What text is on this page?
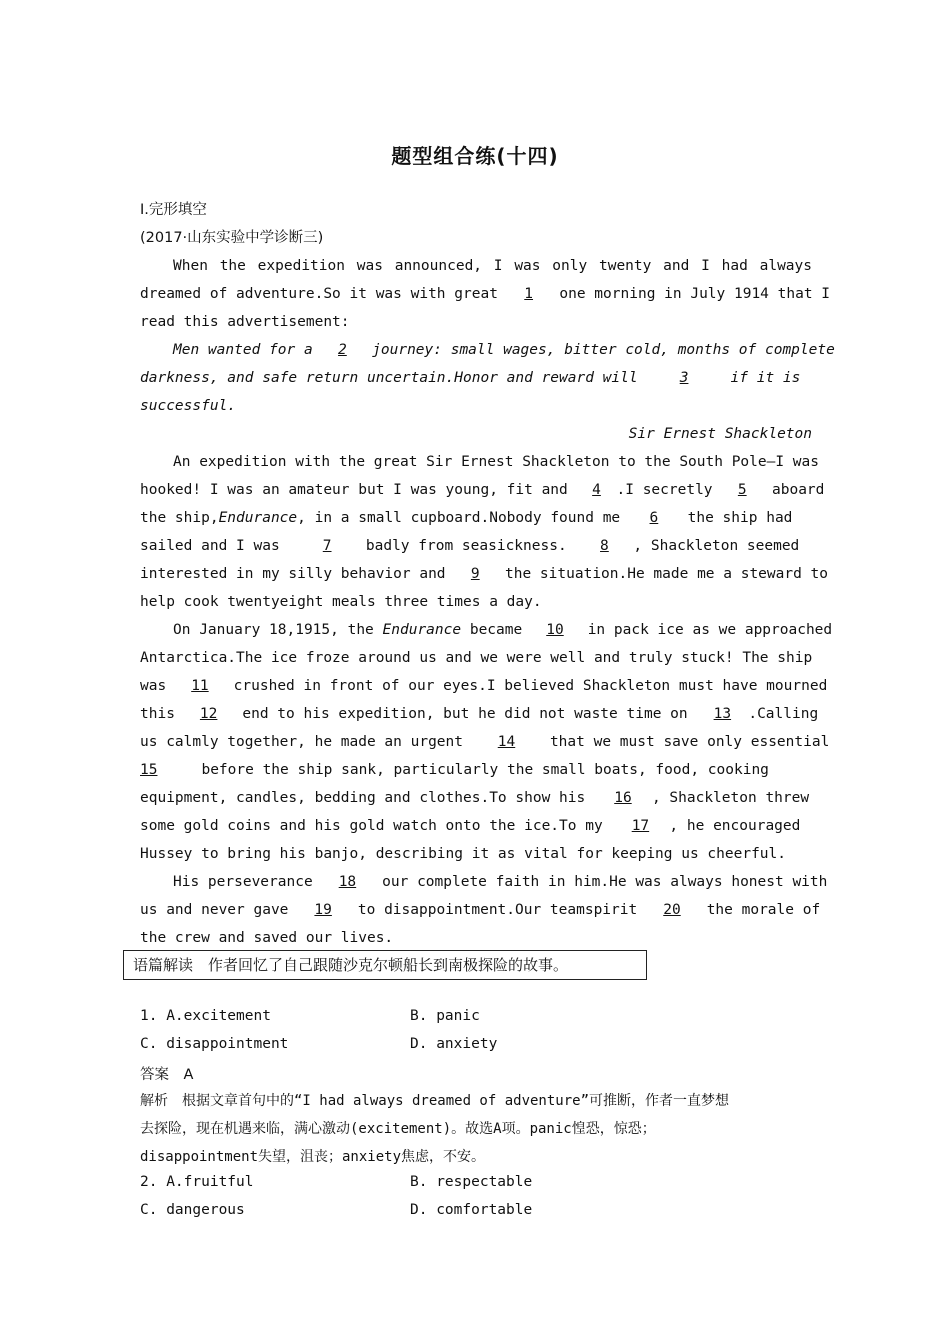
题型组合练(十四)
Ⅰ.完形填空
(2017·山东实验中学诊断三)
When the expedition was announced, I was only twenty and I had always
dreamed of adventure.So it was with great 1 one morning in July 1914 that I
read this advertisement:
Men wanted for a 2 journey: small wages, bitter cold, months of complete
darkness, and safe return uncertain.Honor and reward will	3	if it is
successful.
Sir Ernest Shackleton
An expedition with the great Sir Ernest Shackleton to the South Pole—I was
hooked! I was an amateur but I was young, fit and 4 .I secretly 5 aboard
the ship,Endurance, in a small cupboard.Nobody found me 6 the ship had
sailed and I was	7 badly from seasickness. 8 , Shackleton seemed
interested in my silly behavior and 9 the situation.He made me a steward to
help cook twentyeight meals three times a day.
On January 18,1915, the Endurance became 10 in pack ice as we approached
Antarctica.The ice froze around us and we were well and truly stuck! The ship
was 11 crushed in front of our eyes.I believed Shackleton must have mourned
this 12 end to his expedition, but he did not waste time on 13 .Calling
us calmly together, he made an urgent 14 that we must save only essential
15	before the ship sank, particularly the small boats, food, cooking
equipment, candles, bedding and clothes.To show his 16 , Shackleton threw
some gold coins and his gold watch onto the ice.To my 17 , he encouraged
Hussey to bring his banjo, describing it as vital for keeping us cheerful.
His perseverance 18 our complete faith in him.He was always honest with
us and never gave 19 to disappointment.Our teamspirit 20 the morale of
the crew and saved our lives.
语篇解读　作者回忆了自己跟随沙克尔顿船长到南极探险的故事。
1. A.excitement	B. panic
C. disappointment	D. anxiety
答案　A
解析　根据文章首句中的“I had always dreamed of adventure”可推断，作者一直梦想
去探险，现在机遇来临，满心激动(excitement)。故选A项。panic惶恐，惊恐；
disappointment失望，沮丧；anxiety焦虑，不安。
2. A.fruitful	B. respectable
C. dangerous	D. comfortable
